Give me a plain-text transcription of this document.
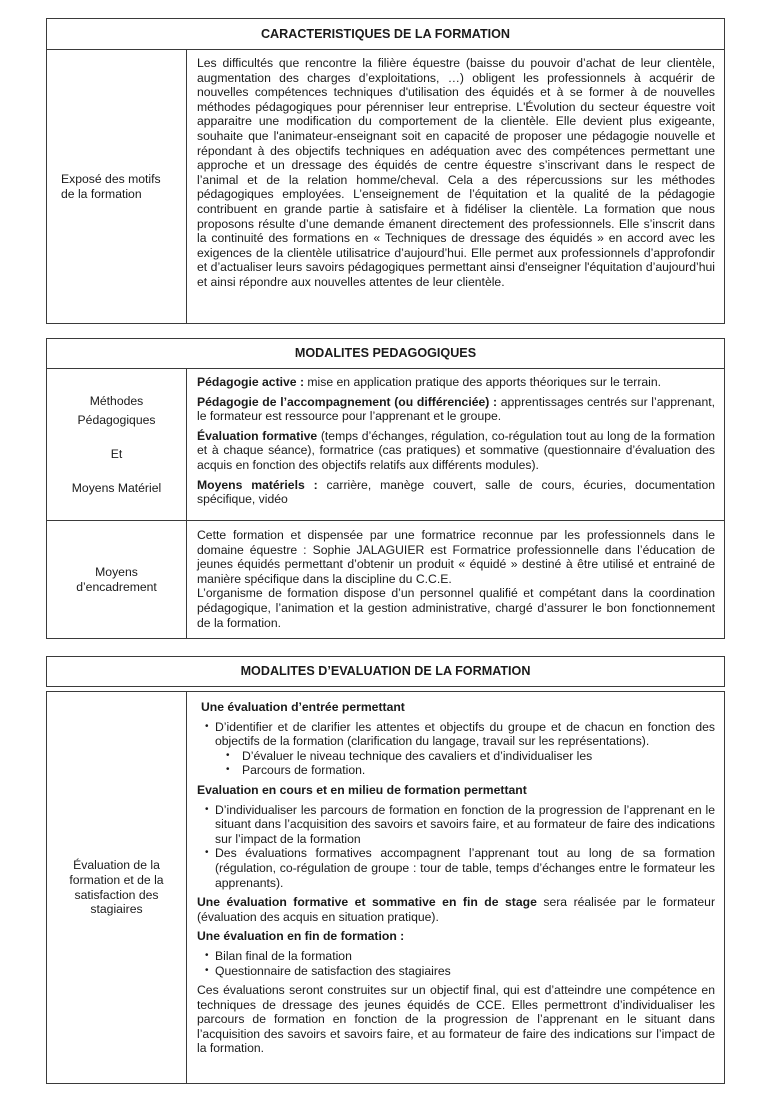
CARACTERISTIQUES DE LA FORMATION
Exposé des motifs de la formation

Les difficultés que rencontre la filière équestre (baisse du pouvoir d’achat de leur clientèle, augmentation des charges d’exploitations, …) obligent les professionnels à acquérir de nouvelles compétences techniques d'utilisation des équidés et à se former à de nouvelles méthodes pédagogiques pour pérenniser leur entreprise. L'Évolution du secteur équestre voit apparaitre une modification du comportement de la clientèle. Elle devient plus exigeante, souhaite que l'animateur-enseignant soit en capacité de proposer une pédagogie nouvelle et répondant à des objectifs techniques en adéquation avec des compétences permettant une approche et un dressage des équidés de centre équestre s’inscrivant dans le respect de l’animal et de la relation homme/cheval. Cela a des répercussions sur les méthodes pédagogiques employées. L’enseignement de l’équitation et la qualité de la pédagogie contribuent en grande partie à satisfaire et à fidéliser la clientèle. La formation que nous proposons résulte d’une demande émanent directement des professionnels. Elle s’inscrit dans la continuité des formations en « Techniques de dressage des équidés » en accord avec les exigences de la clientèle utilisatrice d’aujourd’hui. Elle permet aux professionnels d’approfondir et d’actualiser leurs savoirs pédagogiques permettant ainsi d'enseigner l'équitation d’aujourd’hui et ainsi répondre aux nouvelles attentes de leur clientèle.

MODALITES PEDAGOGIQUES
Méthodes
Pédagogiques
Et
Moyens Matériel

Pédagogie active : mise en application pratique des apports théoriques sur le terrain.

Pédagogie de l’accompagnement (ou différenciée) : apprentissages centrés sur l’apprenant, le formateur est ressource pour l’apprenant et le groupe.

Évaluation formative (temps d’échanges, régulation, co-régulation tout au long de la formation et à chaque séance), formatrice (cas pratiques) et sommative (questionnaire d’évaluation des acquis en fonction des objectifs relatifs aux différents modules).

Moyens matériels : carrière, manège couvert, salle de cours, écuries, documentation spécifique, vidéo

Moyens d’encadrement
Cette formation et dispensée par une formatrice reconnue par les professionnels dans le domaine équestre : Sophie JALAGUIER est Formatrice professionnelle dans l’éducation de jeunes équidés permettant d’obtenir un produit « équidé » destiné à être utilisé et entrainé de manière spécifique dans la discipline du C.C.E.
L’organisme de formation dispose d’un personnel qualifié et compétant dans la coordination pédagogique, l’animation et la gestion administrative, chargé d’assurer le bon fonctionnement de la formation.
MODALITES D’EVALUATION DE LA FORMATION
Évaluation de la formation et de la satisfaction des stagiaires

Une évaluation d’entrée permettant

• D’identifier et de clarifier les attentes et objectifs du groupe et de chacun en fonction des objectifs de la formation (clarification du langage, travail sur les représentations).
• D’évaluer le niveau technique des cavaliers et d’individualiser les
• Parcours de formation.

Evaluation en cours et en milieu de formation permettant

• D’individualiser les parcours de formation en fonction de la progression de l’apprenant en le situant dans l’acquisition des savoirs et savoirs faire, et au formateur de faire des indications sur l’impact de la formation
• Des évaluations formatives accompagnent l’apprenant tout au long de sa formation (régulation, co-régulation de groupe : tour de table, temps d’échanges entre le formateur les apprenants).

Une évaluation formative et sommative en fin de stage sera réalisée par le formateur (évaluation des acquis en situation pratique).

Une évaluation en fin de formation :

• Bilan final de la formation
• Questionnaire de satisfaction des stagiaires

Ces évaluations seront construites sur un objectif final, qui est d’atteindre une compétence en techniques de dressage des jeunes équidés de CCE. Elles permettront d’individualiser les parcours de formation en fonction de la progression de l’apprenant en le situant dans l’acquisition des savoirs et savoirs faire, et au formateur de faire des indications sur l’impact de la formation.
